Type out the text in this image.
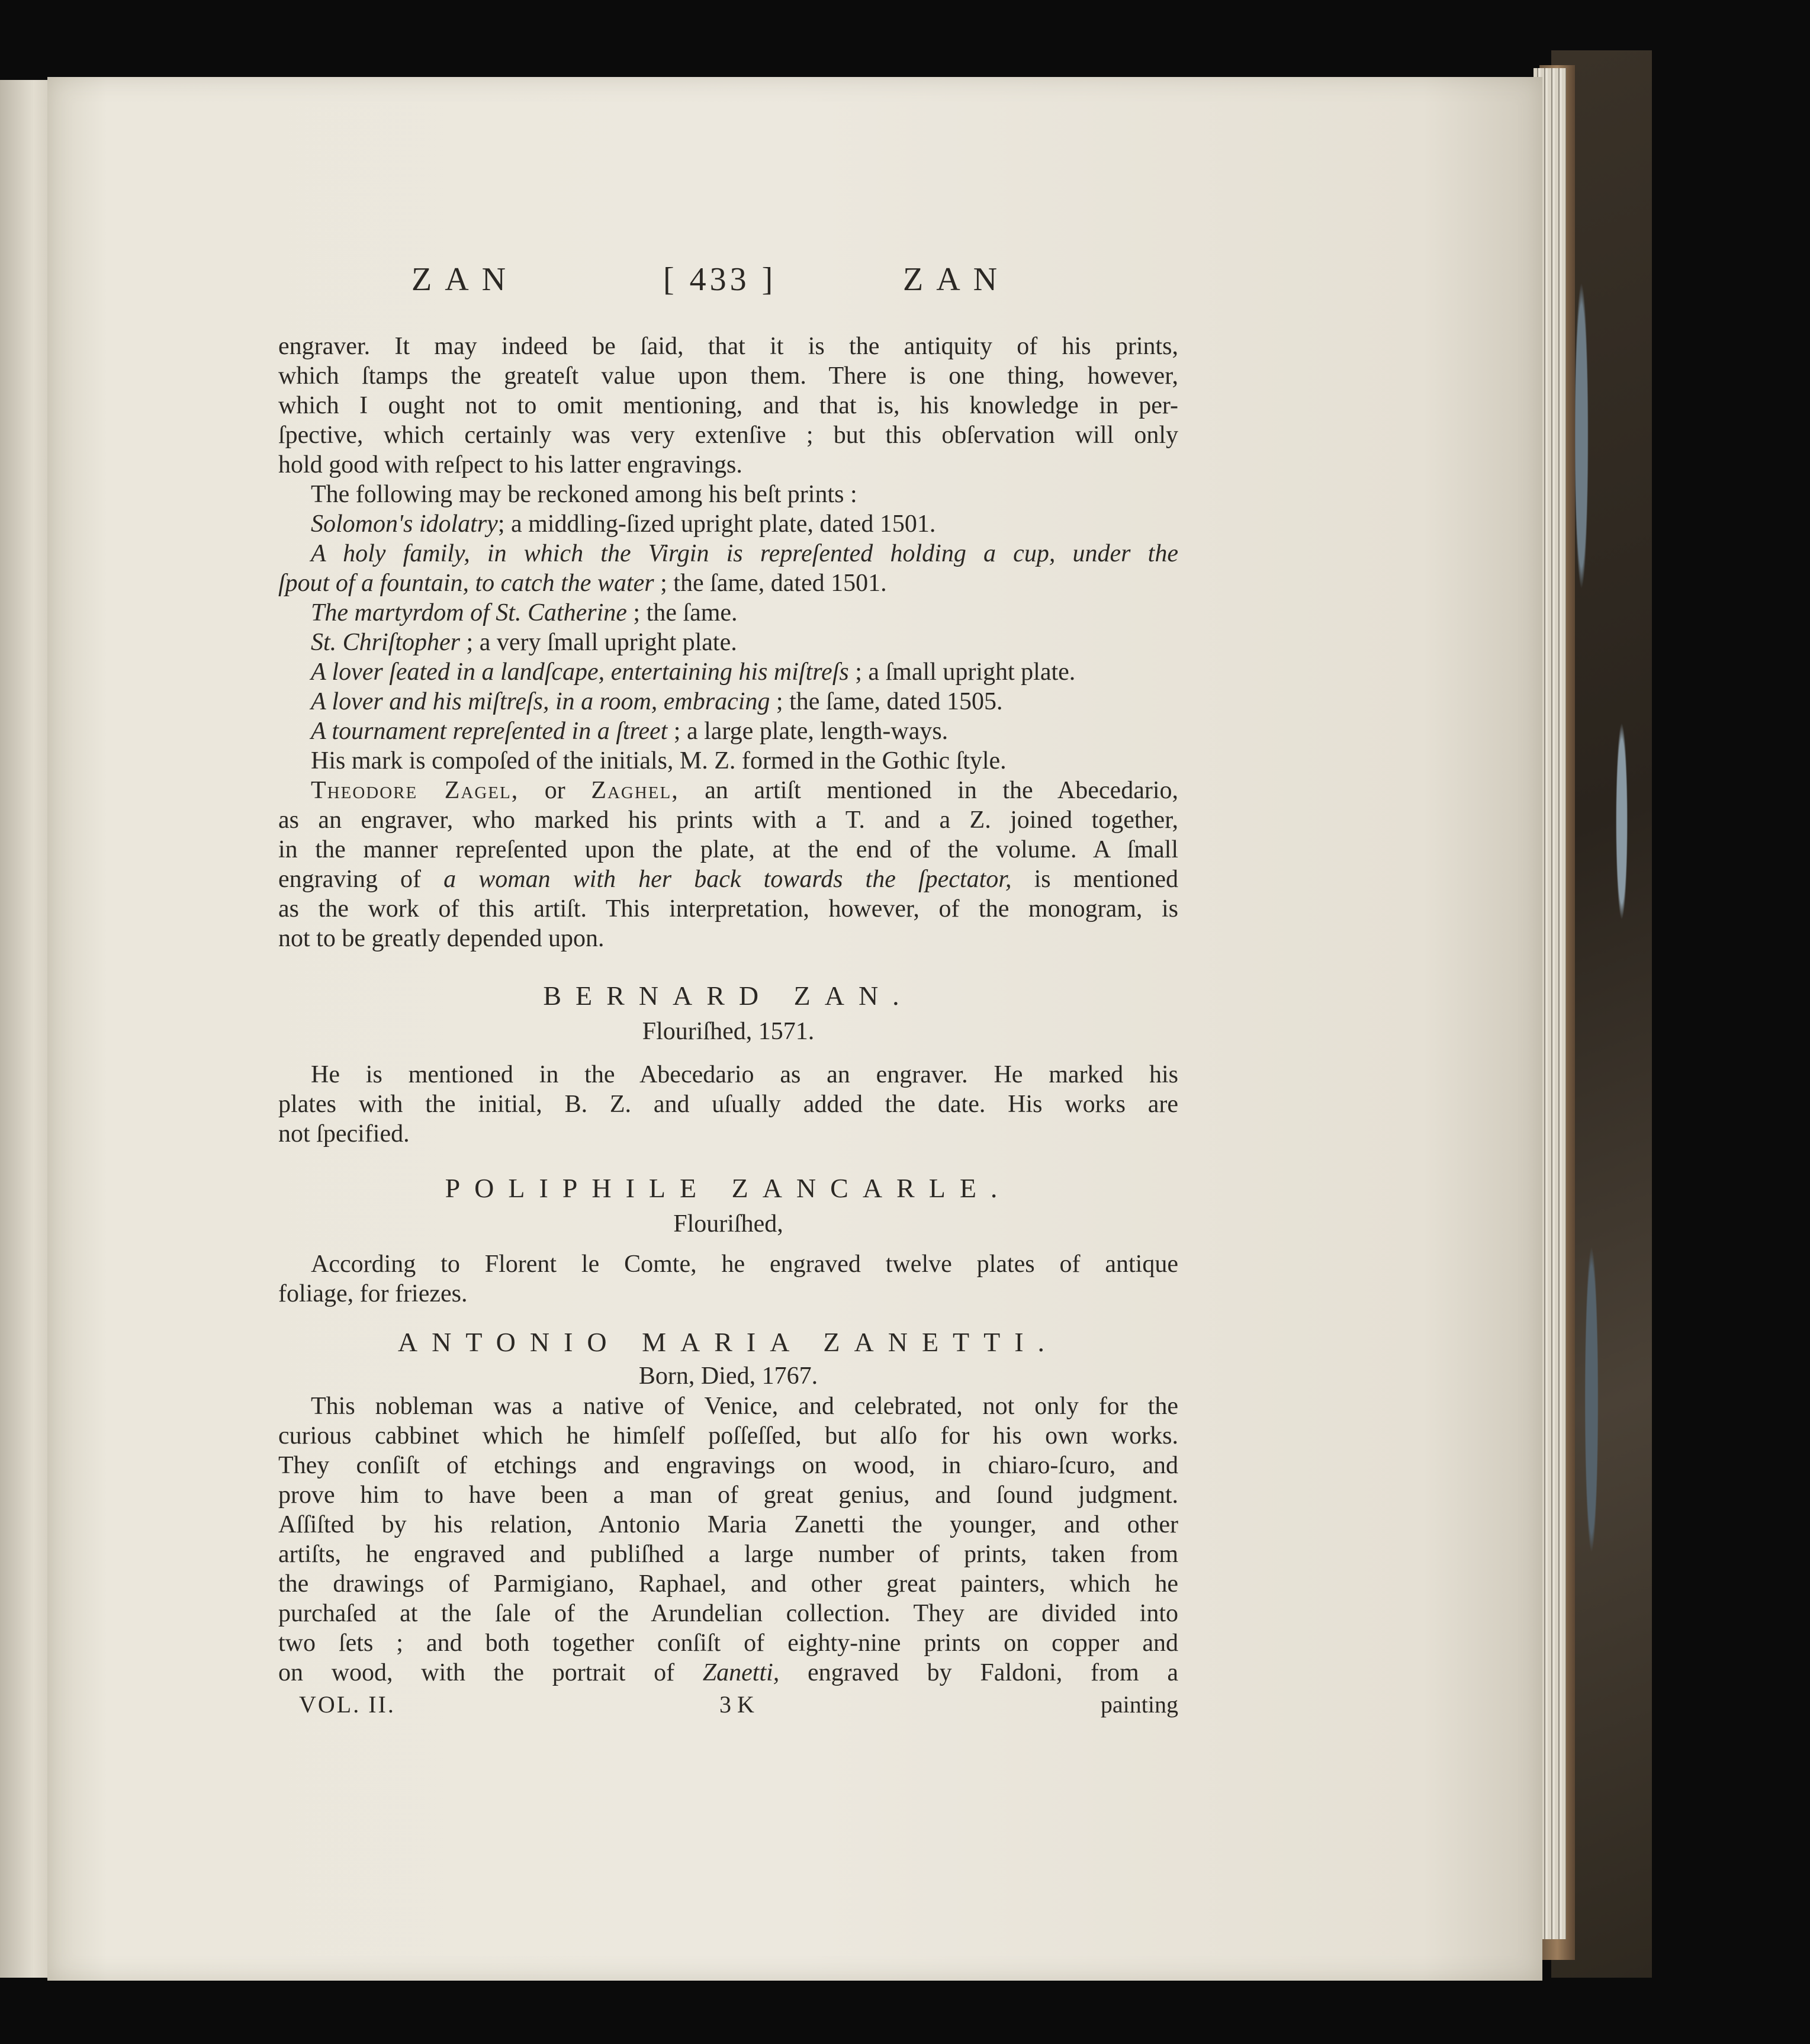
ZAN	[ 433 ]	ZAN
engraver. It may indeed be ſaid, that it is the antiquity of his prints,
which ſtamps the greateſt value upon them. There is one thing, however,
which I ought not to omit mentioning, and that is, his knowledge in per-
ſpective, which certainly was very extenſive ; but this obſervation will only
hold good with reſpect to his latter engravings.
The following may be reckoned among his beſt prints :
Solomon's idolatry; a middling-ſized upright plate, dated 1501.
A holy family, in which the Virgin is repreſented holding a cup, under the
ſpout of a fountain, to catch the water ; the ſame, dated 1501.
The martyrdom of St. Catherine ; the ſame.
St. Chriſtopher ; a very ſmall upright plate.
A lover ſeated in a landſcape, entertaining his miſtreſs ; a ſmall upright plate.
A lover and his miſtreſs, in a room, embracing ; the ſame, dated 1505.
A tournament repreſented in a ſtreet ; a large plate, length-ways.
His mark is compoſed of the initials, M. Z. formed in the Gothic ſtyle.
Theodore Zagel, or Zaghel, an artiſt mentioned in the Abecedario,
as an engraver, who marked his prints with a T. and a Z. joined together,
in the manner repreſented upon the plate, at the end of the volume. A ſmall
engraving of a woman with her back towards the ſpectator, is mentioned
as the work of this artiſt. This interpretation, however, of the monogram, is
not to be greatly depended upon.
BERNARD ZAN.
Flouriſhed, 1571.
He is mentioned in the Abecedario as an engraver. He marked his
plates with the initial, B. Z. and uſually added the date. His works are
not ſpecified.
POLIPHILE ZANCARLE.
Flouriſhed,
According to Florent le Comte, he engraved twelve plates of antique
foliage, for friezes.
ANTONIO MARIA ZANETTI.
Born, Died, 1767.
This nobleman was a native of Venice, and celebrated, not only for the
curious cabbinet which he himſelf poſſeſſed, but alſo for his own works.
They conſiſt of etchings and engravings on wood, in chiaro-ſcuro, and
prove him to have been a man of great genius, and ſound judgment.
Aſſiſted by his relation, Antonio Maria Zanetti the younger, and other
artiſts, he engraved and publiſhed a large number of prints, taken from
the drawings of Parmigiano, Raphael, and other great painters, which he
purchaſed at the ſale of the Arundelian collection. They are divided into
two ſets ; and both together conſiſt of eighty-nine prints on copper and
on wood, with the portrait of Zanetti, engraved by Faldoni, from a
VOL. II.	3 K	painting
